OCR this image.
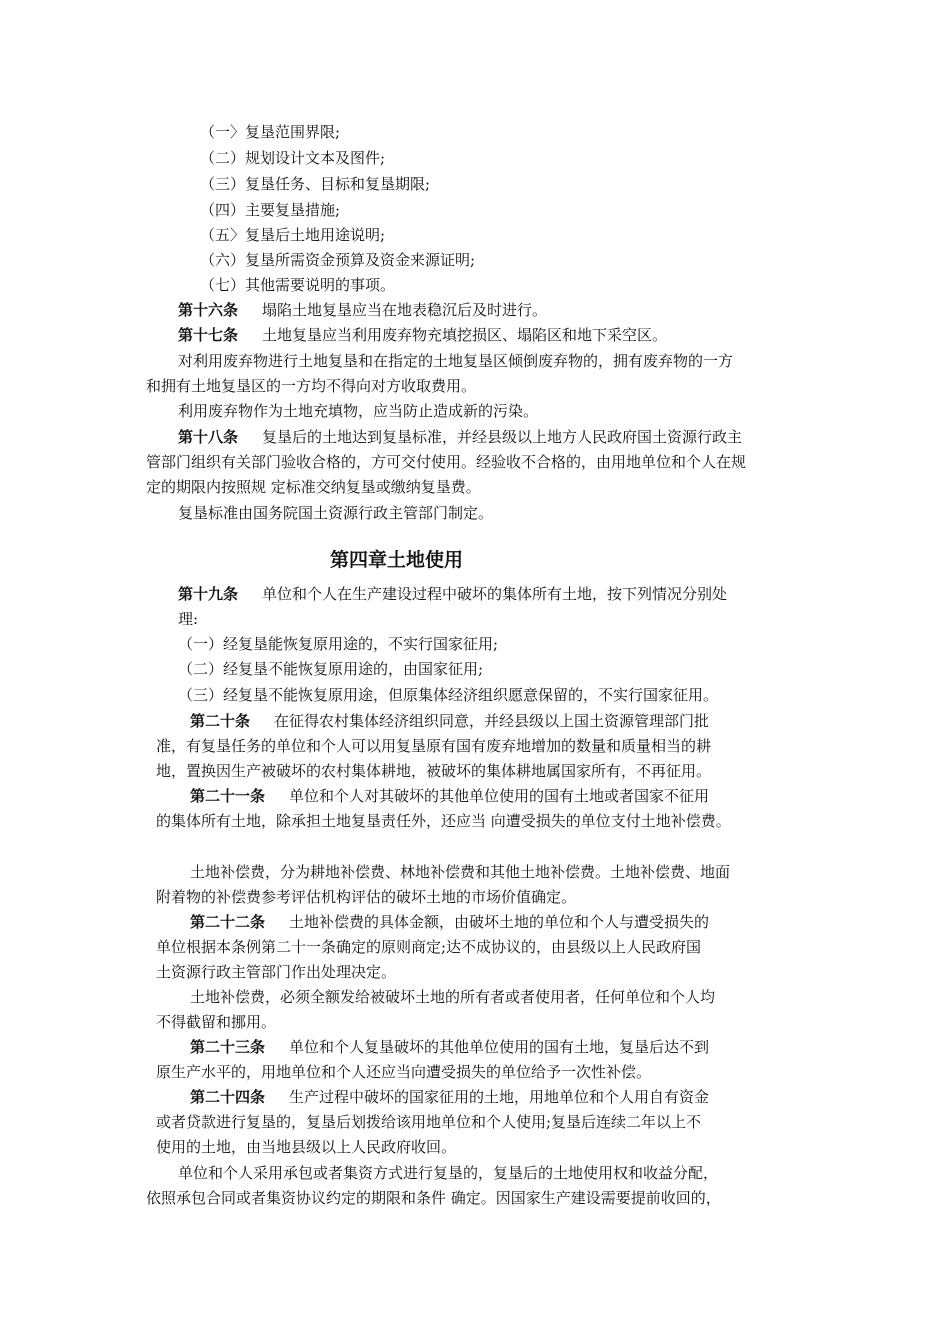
（一〉复垦范围界限;
（二）规划设计文本及图件;
（三）复垦任务、目标和复垦期限;
（四）主要复垦措施;
（五〉复垦后土地用途说明;
（六）复垦所需资金预算及资金来源证明;
（七）其他需要说明的事项。
第十六条 塌陷土地复垦应当在地表稳沉后及时进行。
第十七条 土地复垦应当利用废弃物充填挖损区、塌陷区和地下采空区。
对利用废弃物进行土地复垦和在指定的土地复垦区倾倒废弃物的，拥有废弃物的一方
和拥有土地复垦区的一方均不得向对方收取费用。
利用废弃物作为土地充填物，应当防止造成新的污染。
第十八条 复垦后的土地达到复垦标准，并经县级以上地方人民政府国土资源行政主
管部门组织有关部门验收合格的，方可交付使用。经验收不合格的，由用地单位和个人在规
定的期限内按照规 定标准交纳复垦或缴纳复垦费。
复垦标准由国务院国土资源行政主管部门制定。
第四章土地使用
第十九条 单位和个人在生产建设过程中破坏的集体所有土地，按下列情况分别处
理:
（一）经复垦能恢复原用途的，不实行国家征用;
（二）经复垦不能恢复原用途的，由国家征用;
（三）经复垦不能恢复原用途，但原集体经济组织愿意保留的，不实行国家征用。
第二十条 在征得农村集体经济组织同意，并经县级以上国土资源管理部门批
准，有复垦任务的单位和个人可以用复垦原有国有废弃地增加的数量和质量相当的耕
地，置换因生产被破坏的农村集体耕地，被破坏的集体耕地属国家所有，不再征用。
第二十一条 单位和个人对其破坏的其他单位使用的国有土地或者国家不征用
的集体所有土地，除承担土地复垦责任外，还应当 向遭受损失的单位支付土地补偿费。
土地补偿费，分为耕地补偿费、林地补偿费和其他土地补偿费。土地补偿费、地面
附着物的补偿费参考评估机构评估的破坏土地的市场价值确定。
第二十二条 土地补偿费的具体金额，由破坏土地的单位和个人与遭受损失的
单位根据本条例第二十一条确定的原则商定;达不成协议的，由县级以上人民政府国
土资源行政主管部门作出处理决定。
土地补偿费，必须全额发给被破坏土地的所有者或者使用者，任何单位和个人均
不得截留和挪用。
第二十三条 单位和个人复垦破坏的其他单位使用的国有土地，复垦后达不到
原生产水平的，用地单位和个人还应当向遭受损失的单位给予一次性补偿。
第二十四条 生产过程中破坏的国家征用的土地，用地单位和个人用自有资金
或者贷款进行复垦的，复垦后划拨给该用地单位和个人使用;复垦后连续二年以上不
使用的土地，由当地县级以上人民政府收回。
单位和个人采用承包或者集资方式进行复垦的，复垦后的土地使用权和收益分配，
依照承包合同或者集资协议约定的期限和条件 确定。因国家生产建设需要提前收回的，
